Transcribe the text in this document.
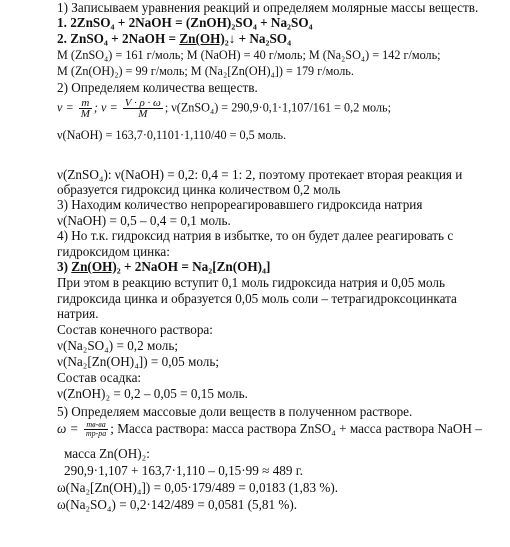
1) Записываем уравнения реакций и определяем молярные массы веществ.
1. 2ZnSO₄ + 2NaOH = (ZnOH)₂SO₄ + Na₂SO₄
2. ZnSO₄ + 2NaOH = Zn(OH)₂↓ + Na₂SO₄
M (ZnSO₄) = 161 г/моль; M (NaOH) = 40 г/моль; M (Na₂SO₄) = 142 г/моль;
M (Zn(OH)₂) = 99 г/моль; M (Na₂[Zn(OH)₄]) = 179 г/моль.
2) Определяем количества веществ.
$\nu = \frac{m}{M}$ ; $\nu = \frac{V \cdot \rho \cdot \omega}{M}$ ; ν(ZnSO₄) = 290,9·0,1·1,107/161 = 0,2 моль;
ν(NaOH) = 163,7·0,1101·1,110/40 = 0,5 моль.
ν(ZnSO₄): ν(NaOH) = 0,2: 0,4 = 1: 2, поэтому протекает вторая реакция и
образуется гидроксид цинка количеством 0,2 моль
3) Находим количество непрореагировавшего гидроксида натрия
ν(NaOH) = 0,5 – 0,4 = 0,1 моль.
4) Но т.к. гидроксид натрия в избытке, то он будет далее реагировать с
гидроксидом цинка:
3) Zn(OH)₂ + 2NaOH = Na₂[Zn(OH)₄]
При этом в реакцию вступит 0,1 моль гидроксида натрия и 0,05 моль
гидроксида цинка и образуется 0,05 моль соли – тетрагидроксоцинката
натрия.
Состав конечного раствора:
ν(Na₂SO₄) = 0,2 моль;
ν(Na₂[Zn(OH)₄]) = 0,05 моль;
Состав осадка:
ν(ZnOH)₂ = 0,2 – 0,05 = 0,15 моль.
5) Определяем массовые доли веществ в полученном растворе.
$\omega = \frac{mв-ва}{mр-ра}$ ; Масса раствора: масса раствора ZnSO₄ + масса раствора NaOH –
масса Zn(OH)₂:
290,9·1,107 + 163,7·1,110 – 0,15·99 ≈ 489 г.
ω(Na₂[Zn(OH)₄]) = 0,05·179/489 = 0,0183 (1,83 %).
ω(Na₂SO₄) = 0,2·142/489 = 0,0581 (5,81 %).
